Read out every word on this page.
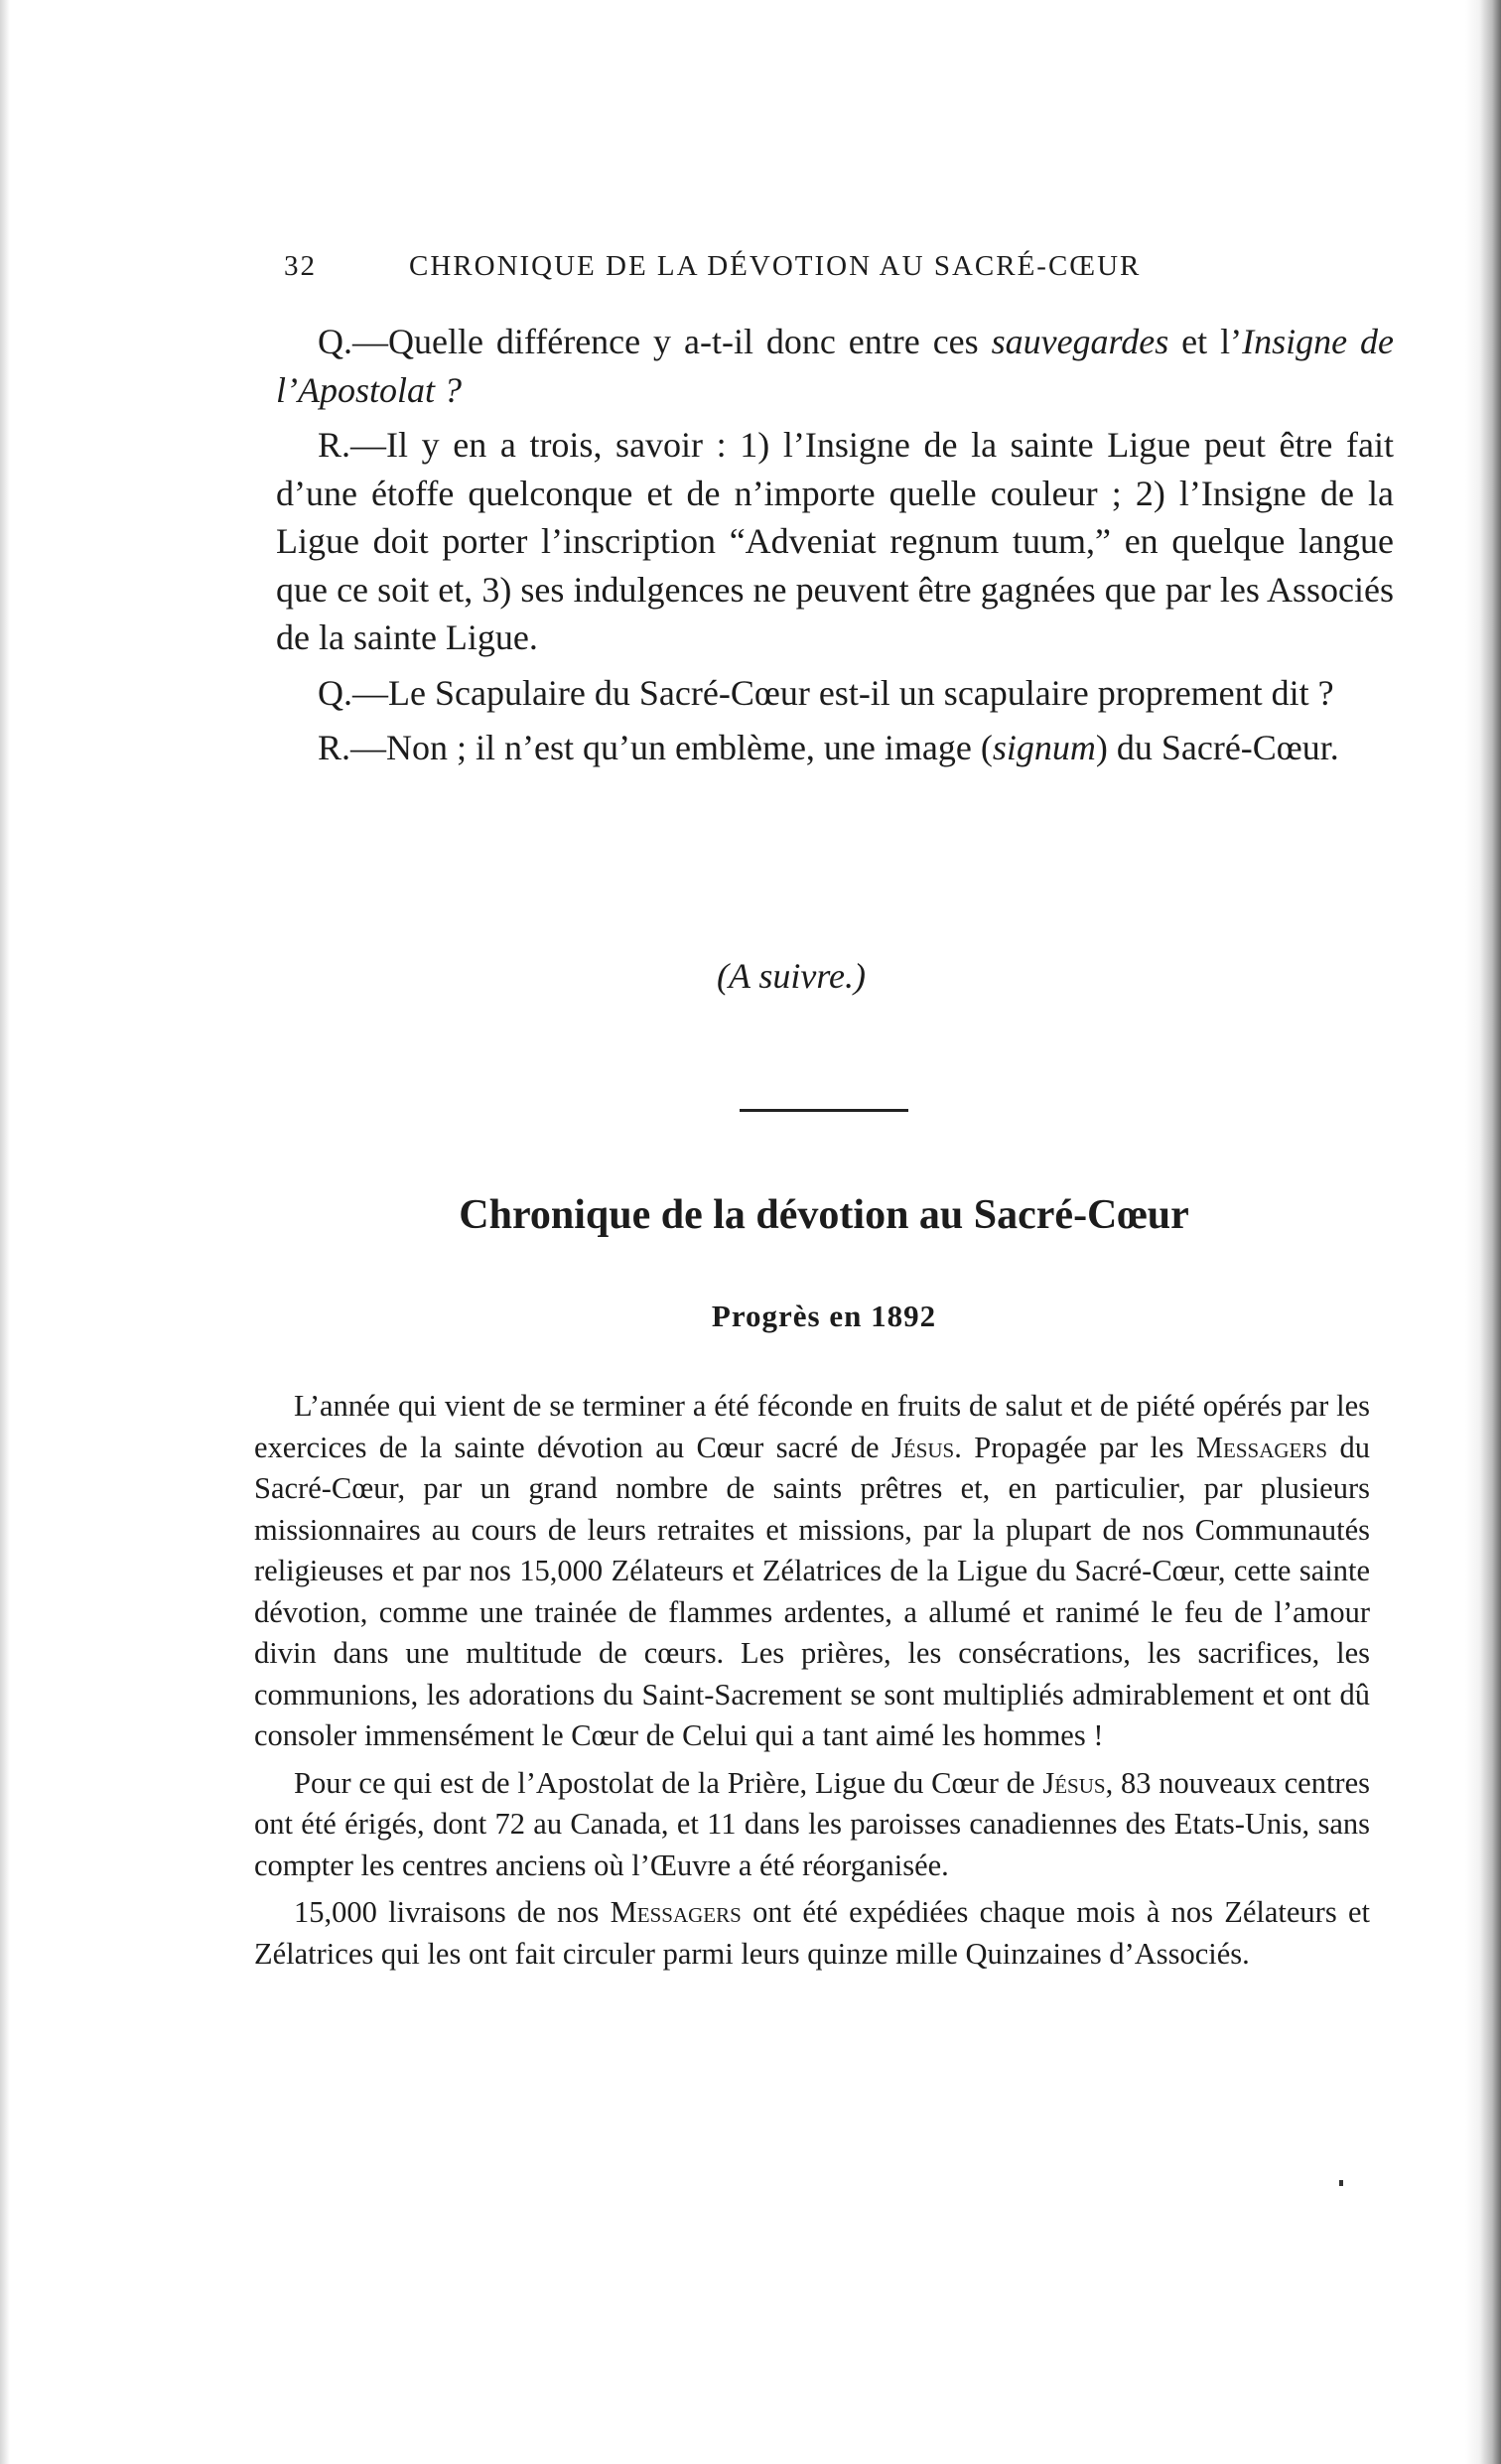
32	CHRONIQUE DE LA DÉVOTION AU SACRÉ-CŒUR

Q.—Quelle différence y a-t-il donc entre ces sauvegardes et l’Insigne de l’Apostolat ?

R.—Il y en a trois, savoir : 1) l’Insigne de la sainte Ligue peut être fait d’une étoffe quelconque et de n’importe quelle couleur ; 2) l’Insigne de la Ligue doit porter l’inscription “Adveniat regnum tuum,” en quelque langue que ce soit et, 3) ses indulgences ne peuvent être gagnées que par les Associés de la sainte Ligue.

Q.—Le Scapulaire du Sacré-Cœur est-il un scapulaire proprement dit ?

R.—Non ; il n’est qu’un emblème, une image (signum) du Sacré-Cœur.

(A suivre.)
Chronique de la dévotion au Sacré-Cœur
Progrès en 1892

L’année qui vient de se terminer a été féconde en fruits de salut et de piété opérés par les exercices de la sainte dévotion au Cœur sacré de Jésus. Propagée par les Messagers du Sacré-Cœur, par un grand nombre de saints prêtres et, en particulier, par plusieurs missionnaires au cours de leurs retraites et missions, par la plupart de nos Communautés religieuses et par nos 15,000 Zélateurs et Zélatrices de la Ligue du Sacré-Cœur, cette sainte dévotion, comme une trainée de flammes ardentes, a allumé et ranimé le feu de l’amour divin dans une multitude de cœurs. Les prières, les consécrations, les sacrifices, les communions, les adorations du Saint-Sacrement se sont multipliés admirablement et ont dû consoler immensément le Cœur de Celui qui a tant aimé les hommes !

Pour ce qui est de l’Apostolat de la Prière, Ligue du Cœur de Jésus, 83 nouveaux centres ont été érigés, dont 72 au Canada, et 11 dans les paroisses canadiennes des Etats-Unis, sans compter les centres anciens où l’Œuvre a été réorganisée.

15,000 livraisons de nos Messagers ont été expédiées chaque mois à nos Zélateurs et Zélatrices qui les ont fait circuler parmi leurs quinze mille Quinzaines d’Associés.
